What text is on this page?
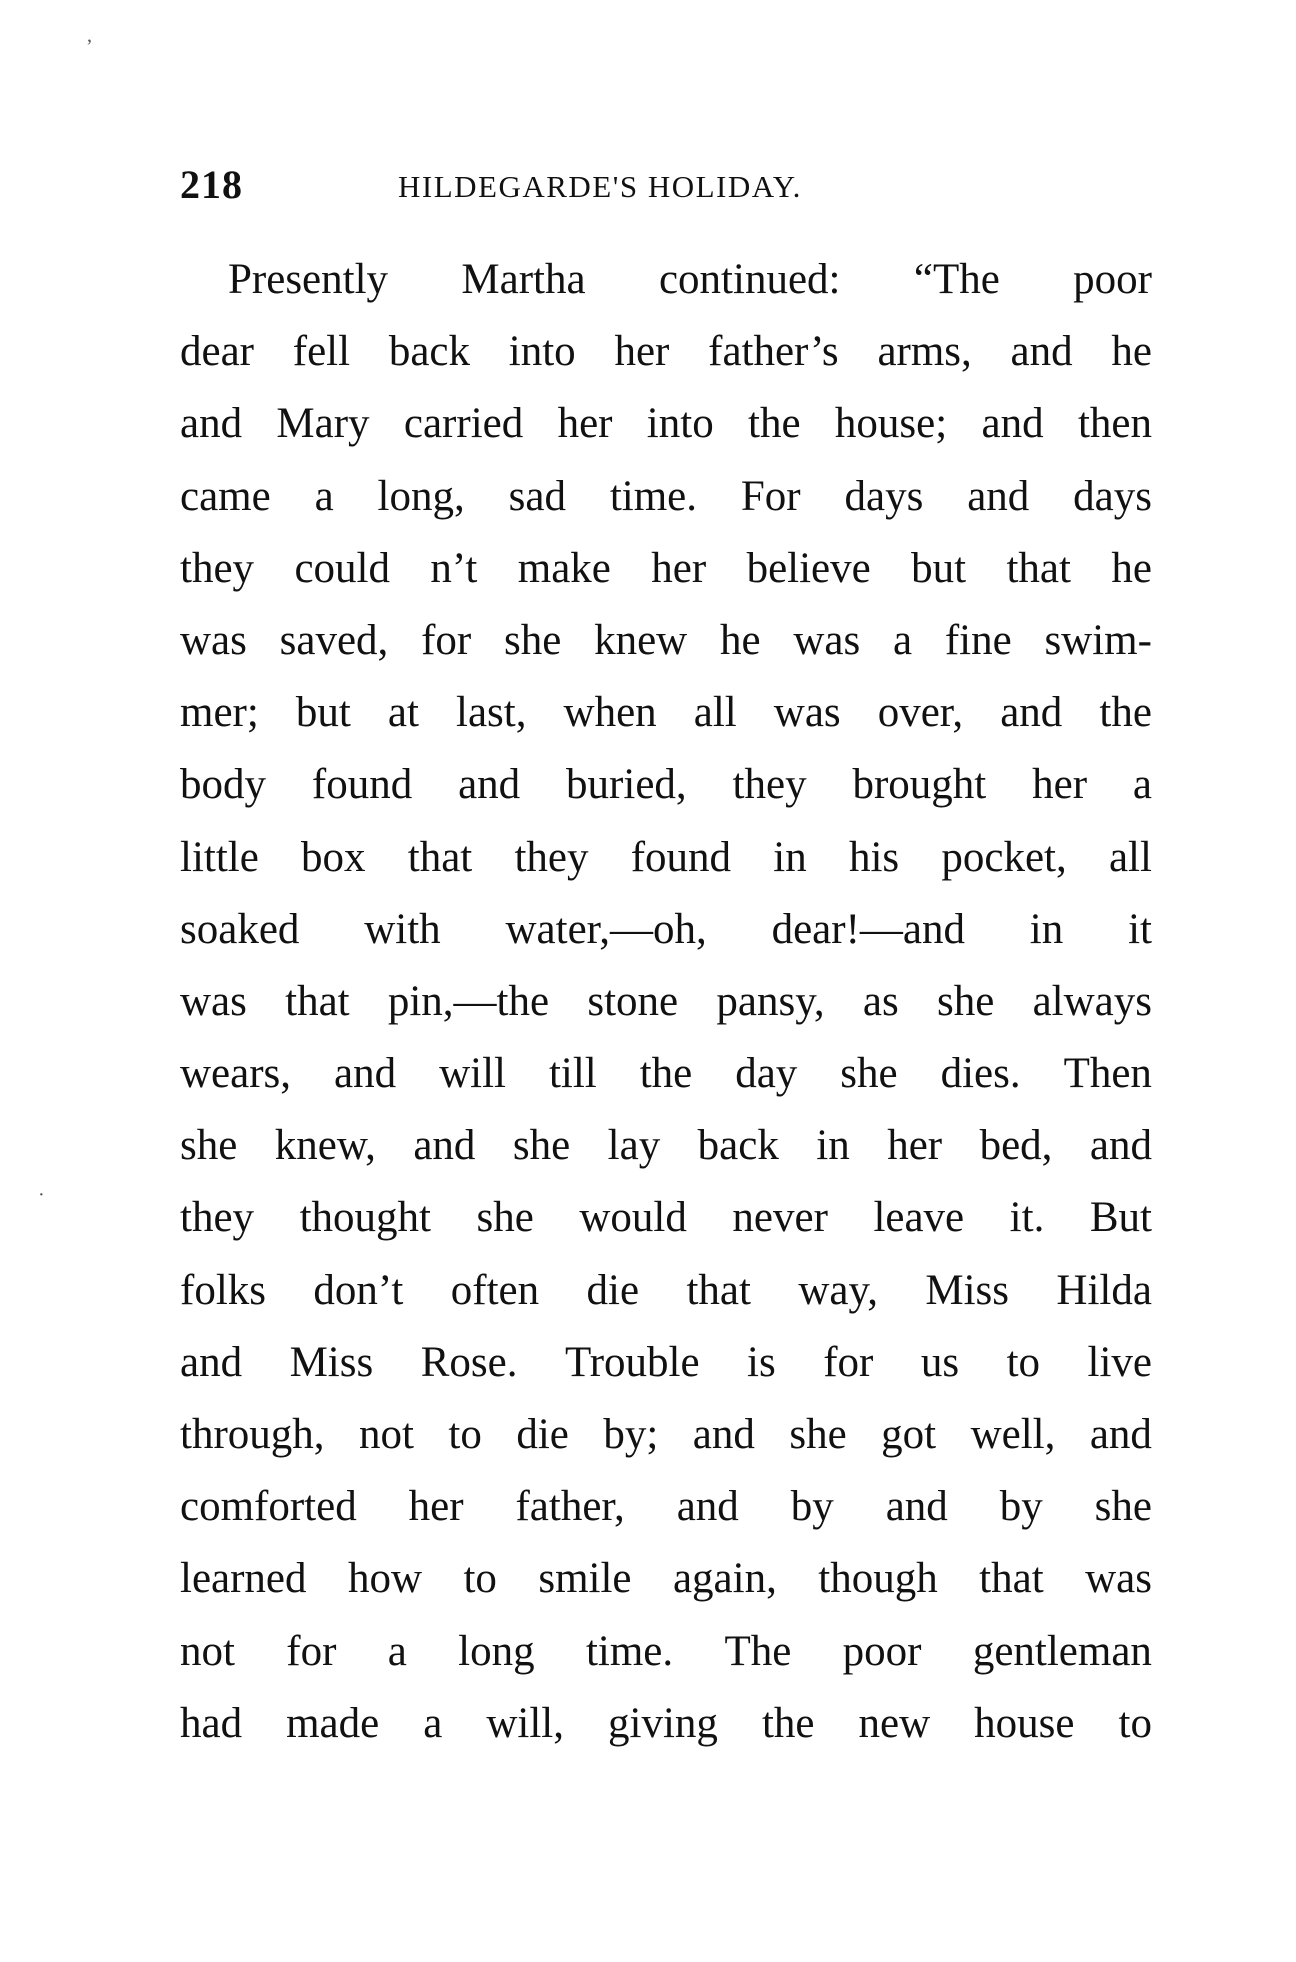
ʼ
218	HILDEGARDE'S HOLIDAY.
Presently Martha continued: “The poor
dear fell back into her father’s arms, and he
and Mary carried her into the house; and then
came a long, sad time. For days and days
they could n’t make her believe but that he
was saved, for she knew he was a fine swim-
mer; but at last, when all was over, and the
body found and buried, they brought her a
little box that they found in his pocket, all
soaked with water,—oh, dear!—and in it
was that pin,—the stone pansy, as she always
wears, and will till the day she dies. Then
she knew, and she lay back in her bed, and
they thought she would never leave it. But
folks don’t often die that way, Miss Hilda
and Miss Rose. Trouble is for us to live
through, not to die by; and she got well, and
comforted her father, and by and by she
learned how to smile again, though that was
not for a long time. The poor gentleman
had made a will, giving the new house to
·
